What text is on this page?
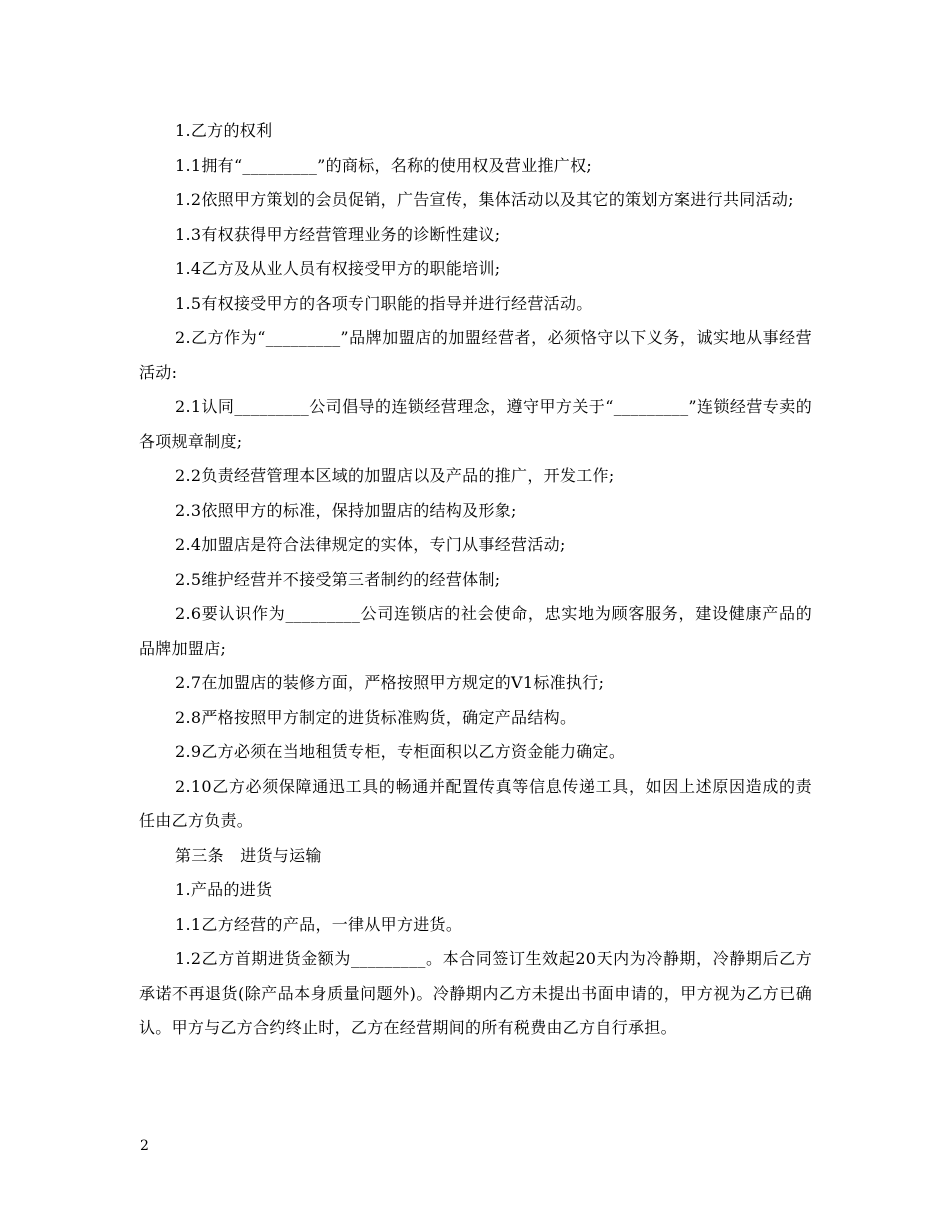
1.乙方的权利

1.1拥有“_________”的商标，名称的使用权及营业推广权;

1.2依照甲方策划的会员促销，广告宣传，集体活动以及其它的策划方案进行共同活动;

1.3有权获得甲方经营管理业务的诊断性建议;

1.4乙方及从业人员有权接受甲方的职能培训;

1.5有权接受甲方的各项专门职能的指导并进行经营活动。

2.乙方作为“_________”品牌加盟店的加盟经营者，必须恪守以下义务，诚实地从事经营活动:

2.1认同_________公司倡导的连锁经营理念，遵守甲方关于“_________”连锁经营专卖的各项规章制度;

2.2负责经营管理本区域的加盟店以及产品的推广，开发工作;

2.3依照甲方的标准，保持加盟店的结构及形象;

2.4加盟店是符合法律规定的实体，专门从事经营活动;

2.5维护经营并不接受第三者制约的经营体制;

2.6要认识作为_________公司连锁店的社会使命，忠实地为顾客服务，建设健康产品的品牌加盟店;

2.7在加盟店的装修方面，严格按照甲方规定的V1标准执行;

2.8严格按照甲方制定的进货标准购货，确定产品结构。

2.9乙方必须在当地租赁专柜，专柜面积以乙方资金能力确定。

2.10乙方必须保障通迅工具的畅通并配置传真等信息传递工具，如因上述原因造成的责任由乙方负责。

第三条　进货与运输

1.产品的进货

1.1乙方经营的产品，一律从甲方进货。

1.2乙方首期进货金额为_________。本合同签订生效起20天内为冷静期，冷静期后乙方承诺不再退货(除产品本身质量问题外)。冷静期内乙方未提出书面申请的，甲方视为乙方已确认。甲方与乙方合约终止时，乙方在经营期间的所有税费由乙方自行承担。

2
